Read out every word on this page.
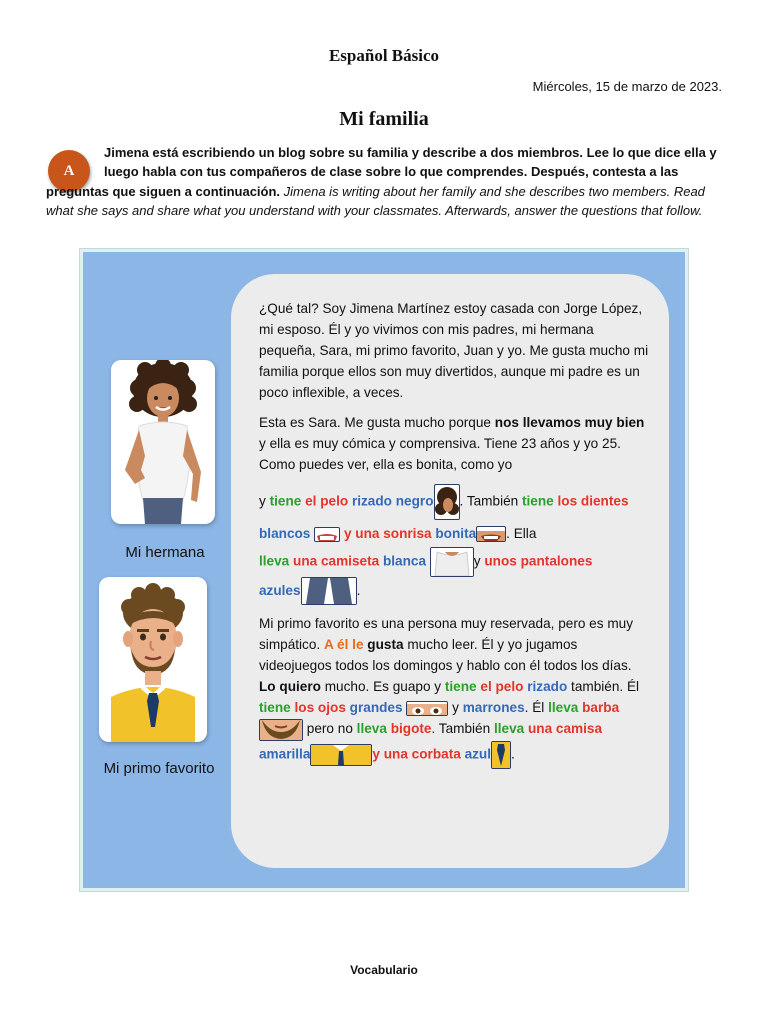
Español Básico
Miércoles, 15 de marzo de 2023.
Mi familia
A
Jimena está escribiendo un blog sobre su familia y describe a dos miembros. Lee lo que dice ella y luego habla con tus compañeros de clase sobre lo que comprendes. Después, contesta a las preguntas que siguen a continuación. Jimena is writing about her family and she describes two members. Read what she says and share what you understand with your classmates. Afterwards, answer the questions that follow.
Mi hermana
Mi primo favorito

¿Qué tal? Soy Jimena Martínez estoy casada con Jorge López, mi esposo. Él y yo vivimos con mis padres, mi hermana pequeña, Sara, mi primo favorito, Juan y yo. Me gusta mucho mi familia porque ellos son muy divertidos, aunque mi padre es un poco inflexible, a veces.

Esta es Sara. Me gusta mucho porque nos llevamos muy bien y ella es muy cómica y comprensiva. Tiene 23 años y yo 25. Como puedes ver, ella es bonita, como yo

y tiene el pelo rizado negro . También tiene los dientes blancos  y una sonrisa bonita . Ella
lleva una camiseta blanca	y unos pantalones
azules	.

Mi primo favorito es una persona muy reservada, pero es muy simpático. A él le gusta mucho leer. Él y yo jugamos videojuegos todos los domingos y hablo con él todos los días. Lo quiero mucho. Es guapo y tiene el pelo rizado también. Él tiene los ojos grandes	y marrones. Él lleva barba pero no lleva bigote. También lleva una camisa amarilla	y una corbata azul .

Vocabulario
